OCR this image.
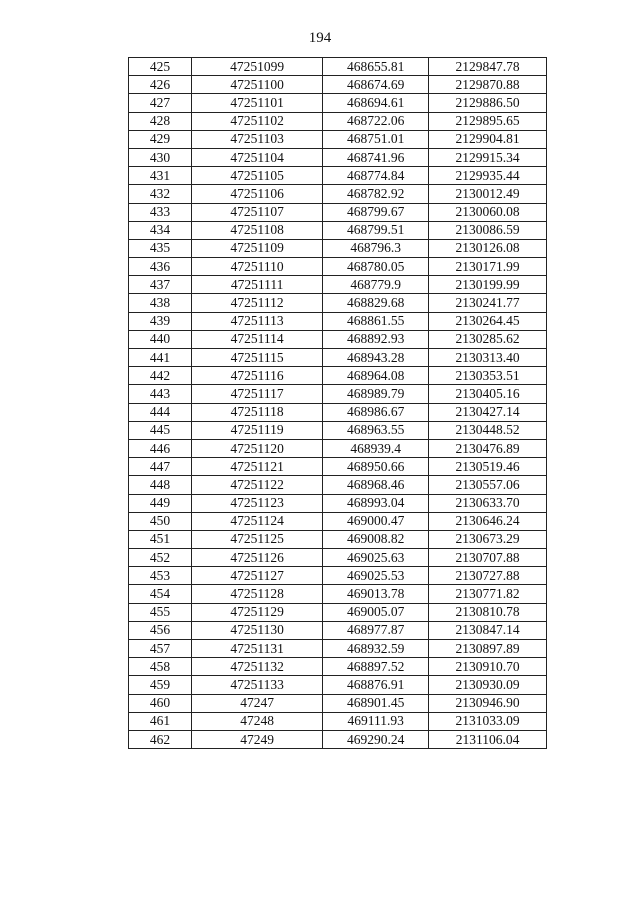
194
425	47251099	468655.81	2129847.78
426	47251100	468674.69	2129870.88
427	47251101	468694.61	2129886.50
428	47251102	468722.06	2129895.65
429	47251103	468751.01	2129904.81
430	47251104	468741.96	2129915.34
431	47251105	468774.84	2129935.44
432	47251106	468782.92	2130012.49
433	47251107	468799.67	2130060.08
434	47251108	468799.51	2130086.59
435	47251109	468796.3	2130126.08
436	47251110	468780.05	2130171.99
437	47251111	468779.9	2130199.99
438	47251112	468829.68	2130241.77
439	47251113	468861.55	2130264.45
440	47251114	468892.93	2130285.62
441	47251115	468943.28	2130313.40
442	47251116	468964.08	2130353.51
443	47251117	468989.79	2130405.16
444	47251118	468986.67	2130427.14
445	47251119	468963.55	2130448.52
446	47251120	468939.4	2130476.89
447	47251121	468950.66	2130519.46
448	47251122	468968.46	2130557.06
449	47251123	468993.04	2130633.70
450	47251124	469000.47	2130646.24
451	47251125	469008.82	2130673.29
452	47251126	469025.63	2130707.88
453	47251127	469025.53	2130727.88
454	47251128	469013.78	2130771.82
455	47251129	469005.07	2130810.78
456	47251130	468977.87	2130847.14
457	47251131	468932.59	2130897.89
458	47251132	468897.52	2130910.70
459	47251133	468876.91	2130930.09
460	47247	468901.45	2130946.90
461	47248	469111.93	2131033.09
462	47249	469290.24	2131106.04
